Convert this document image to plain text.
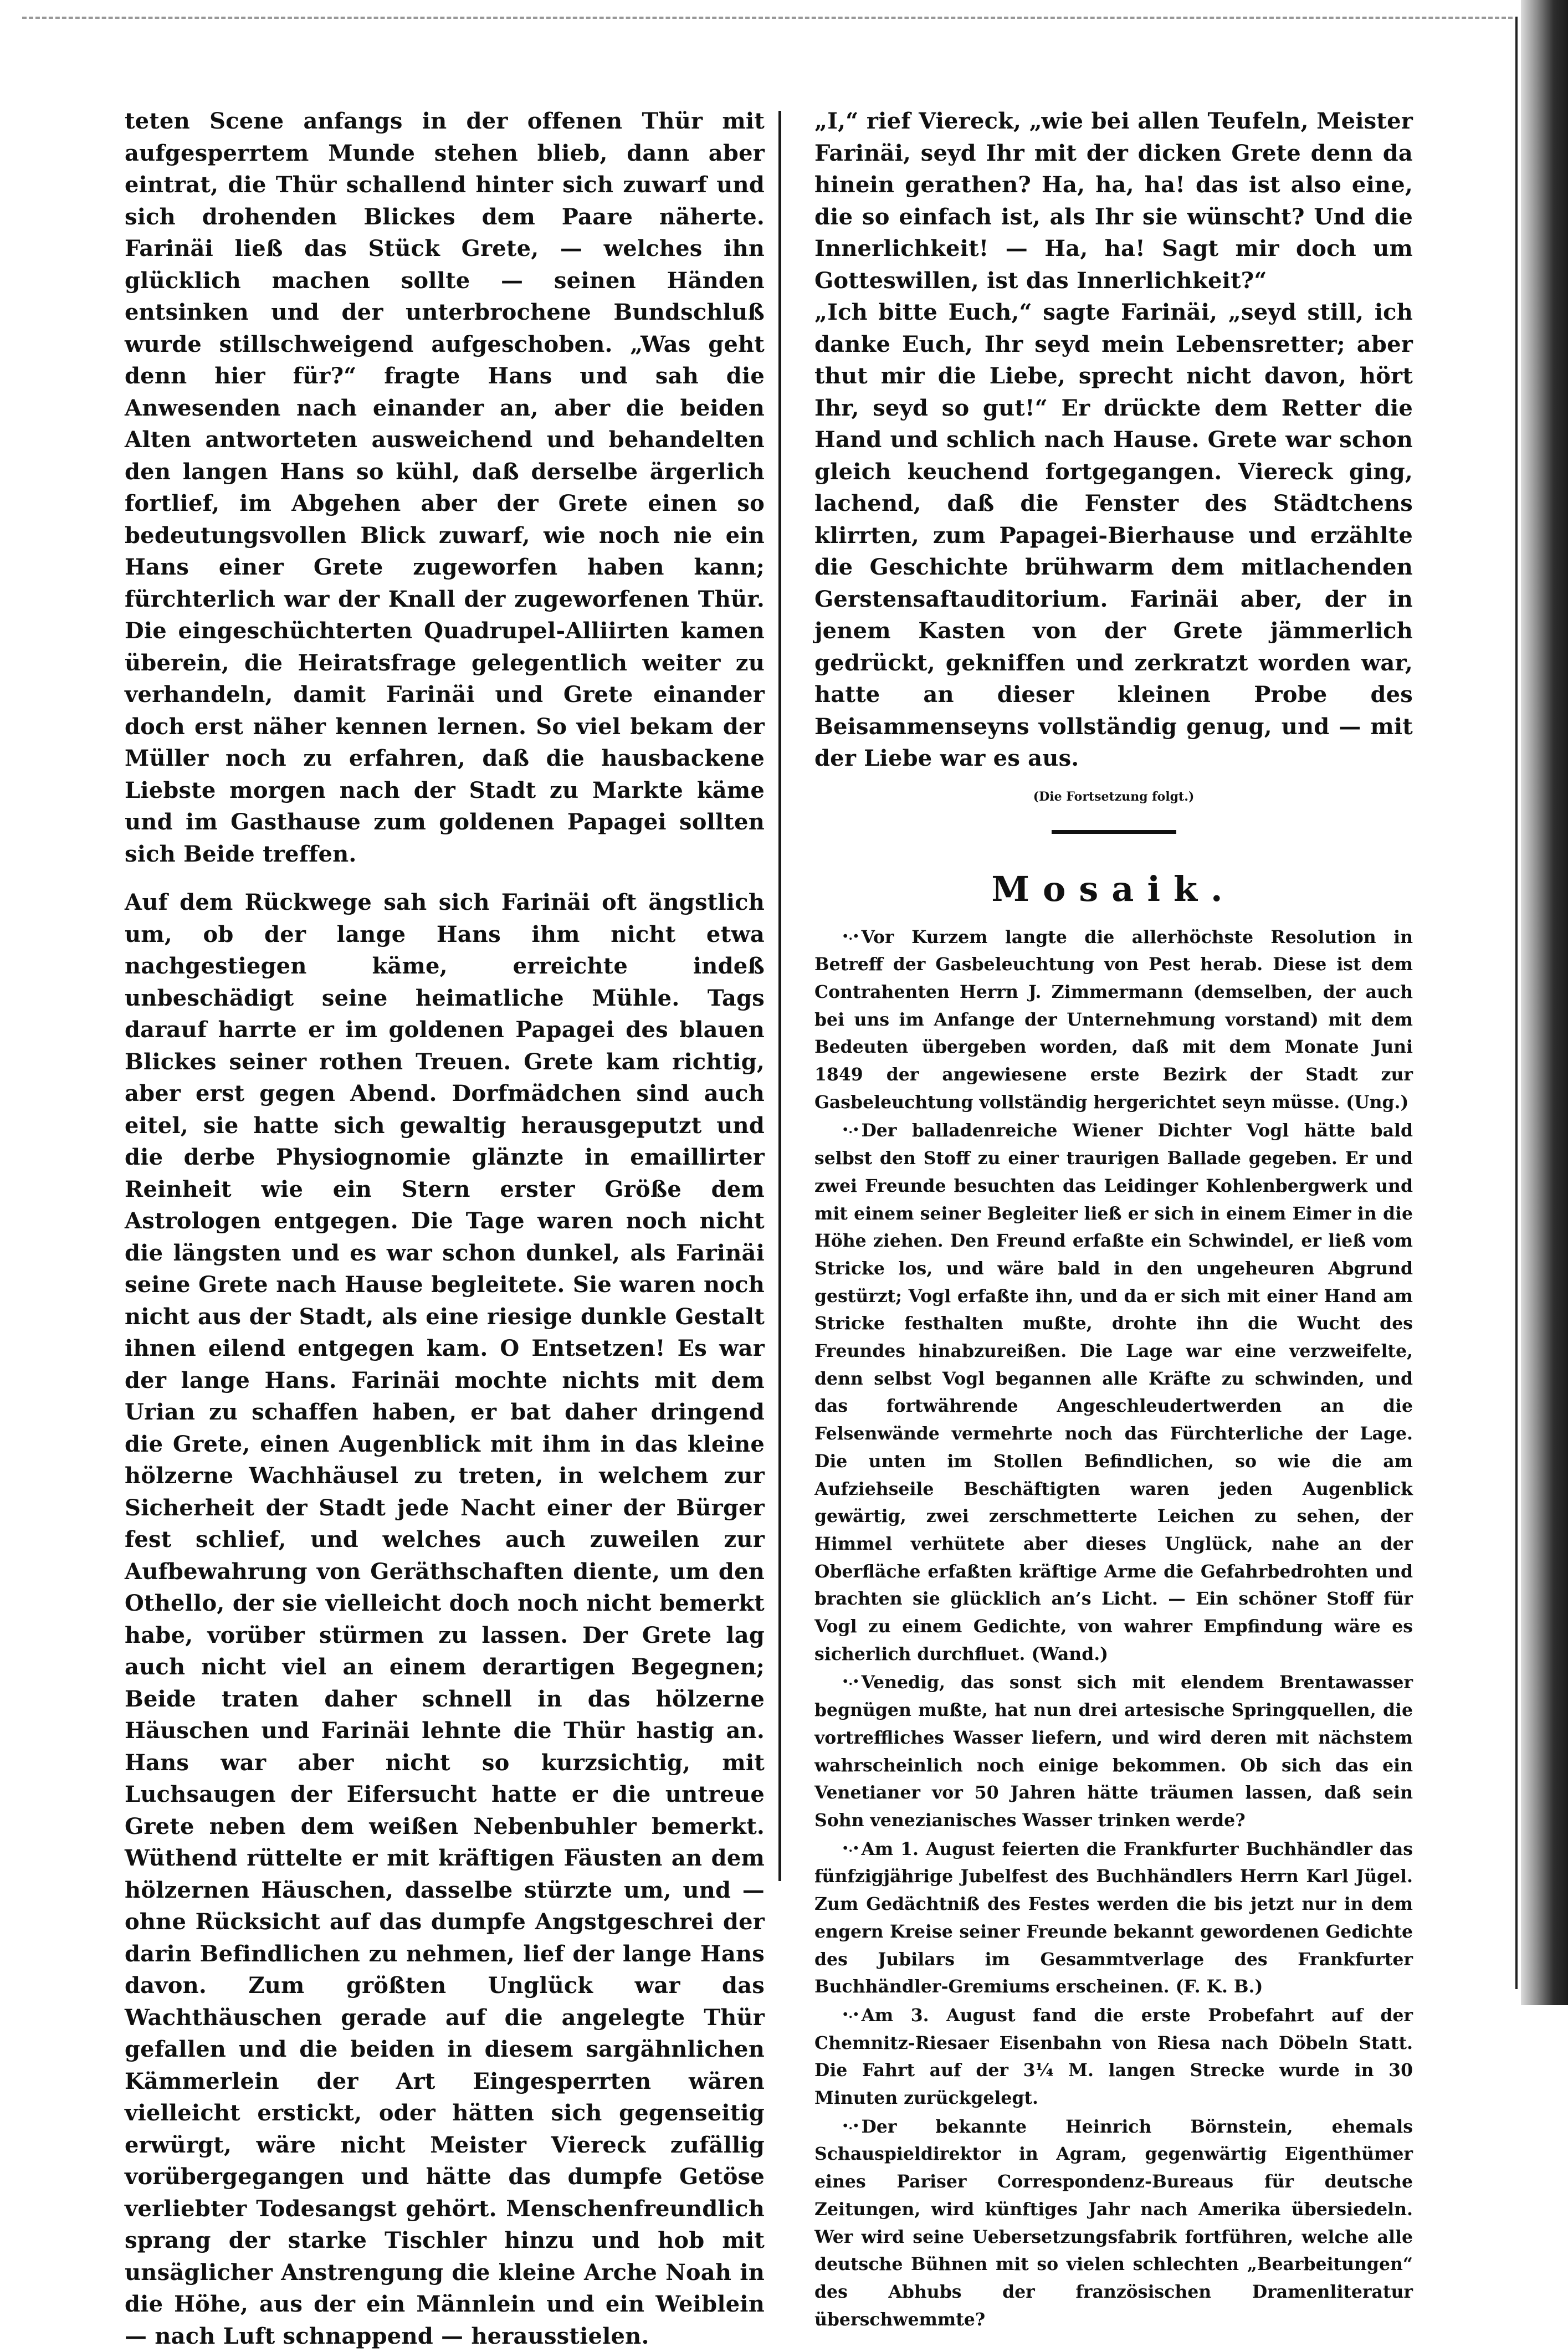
teten Scene anfangs in der offenen Thür mit aufgesperrtem Munde stehen blieb, dann aber eintrat, die Thür schallend hinter sich zuwarf und sich drohenden Blickes dem Paare näherte. Farinäi ließ das Stück Grete, — welches ihn glücklich machen sollte — seinen Händen entsinken und der unterbrochene Bundschluß wurde stillschweigend aufgeschoben. „Was geht denn hier für?“ fragte Hans und sah die Anwesenden nach einander an, aber die beiden Alten antworteten ausweichend und behandelten den langen Hans so kühl, daß derselbe ärgerlich fortlief, im Abgehen aber der Grete einen so bedeutungsvollen Blick zuwarf, wie noch nie ein Hans einer Grete zugeworfen haben kann; fürchterlich war der Knall der zugeworfenen Thür. Die eingeschüchterten Quadrupel-Alliirten kamen überein, die Heiratsfrage gelegentlich weiter zu verhandeln, damit Farinäi und Grete einander doch erst näher kennen lernen. So viel bekam der Müller noch zu erfahren, daß die hausbackene Liebste morgen nach der Stadt zu Markte käme und im Gasthause zum goldenen Papagei sollten sich Beide treffen.

Auf dem Rückwege sah sich Farinäi oft ängstlich um, ob der lange Hans ihm nicht etwa nachgestiegen käme, erreichte indeß unbeschädigt seine heimatliche Mühle. Tags darauf harrte er im goldenen Papagei des blauen Blickes seiner rothen Treuen. Grete kam richtig, aber erst gegen Abend. Dorfmädchen sind auch eitel, sie hatte sich gewaltig herausgeputzt und die derbe Physiognomie glänzte in emaillirter Reinheit wie ein Stern erster Größe dem Astrologen entgegen. Die Tage waren noch nicht die längsten und es war schon dunkel, als Farinäi seine Grete nach Hause begleitete. Sie waren noch nicht aus der Stadt, als eine riesige dunkle Gestalt ihnen eilend entgegen kam. O Entsetzen! Es war der lange Hans. Farinäi mochte nichts mit dem Urian zu schaffen haben, er bat daher dringend die Grete, einen Augenblick mit ihm in das kleine hölzerne Wachhäusel zu treten, in welchem zur Sicherheit der Stadt jede Nacht einer der Bürger fest schlief, und welches auch zuweilen zur Aufbewahrung von Geräthschaften diente, um den Othello, der sie vielleicht doch noch nicht bemerkt habe, vorüber stürmen zu lassen. Der Grete lag auch nicht viel an einem derartigen Begegnen; Beide traten daher schnell in das hölzerne Häuschen und Farinäi lehnte die Thür hastig an. Hans war aber nicht so kurzsichtig, mit Luchsaugen der Eifersucht hatte er die untreue Grete neben dem weißen Nebenbuhler bemerkt. Wüthend rüttelte er mit kräftigen Fäusten an dem hölzernen Häuschen, dasselbe stürzte um, und — ohne Rücksicht auf das dumpfe Angstgeschrei der darin Befindlichen zu nehmen, lief der lange Hans davon. Zum größten Unglück war das Wachthäuschen gerade auf die angelegte Thür gefallen und die beiden in diesem sargähnlichen Kämmerlein der Art Eingesperrten wären vielleicht erstickt, oder hätten sich gegenseitig erwürgt, wäre nicht Meister Viereck zufällig vorübergegangen und hätte das dumpfe Getöse verliebter Todesangst gehört. Menschenfreundlich sprang der starke Tischler hinzu und hob mit unsäglicher Anstrengung die kleine Arche Noah in die Höhe, aus der ein Männlein und ein Weiblein — nach Luft schnappend — herausstielen.

„I,“ rief Viereck, „wie bei allen Teufeln, Meister Farinäi, seyd Ihr mit der dicken Grete denn da hinein gerathen? Ha, ha, ha! das ist also eine, die so einfach ist, als Ihr sie wünscht? Und die Innerlichkeit! — Ha, ha! Sagt mir doch um Gotteswillen, ist das Innerlichkeit?“

„Ich bitte Euch,“ sagte Farinäi, „seyd still, ich danke Euch, Ihr seyd mein Lebensretter; aber thut mir die Liebe, sprecht nicht davon, hört Ihr, seyd so gut!“ Er drückte dem Retter die Hand und schlich nach Hause. Grete war schon gleich keuchend fortgegangen. Viereck ging, lachend, daß die Fenster des Städtchens klirrten, zum Papagei-Bierhause und erzählte die Geschichte brühwarm dem mitlachenden Gerstensaftauditorium. Farinäi aber, der in jenem Kasten von der Grete jämmerlich gedrückt, gekniffen und zerkratzt worden war, hatte an dieser kleinen Probe des Beisammenseyns vollständig genug, und — mit der Liebe war es aus.

(Die Fortsetzung folgt.)

Mosaik.

∙.∙ Vor Kurzem langte die allerhöchste Resolution in Betreff der Gasbeleuchtung von Pest herab. Diese ist dem Contrahenten Herrn J. Zimmermann (demselben, der auch bei uns im Anfange der Unternehmung vorstand) mit dem Bedeuten übergeben worden, daß mit dem Monate Juni 1849 der angewiesene erste Bezirk der Stadt zur Gasbeleuchtung vollständig hergerichtet seyn müsse. (Ung.)

∙.∙ Der balladenreiche Wiener Dichter Vogl hätte bald selbst den Stoff zu einer traurigen Ballade gegeben. Er und zwei Freunde besuchten das Leidinger Kohlenbergwerk und mit einem seiner Begleiter ließ er sich in einem Eimer in die Höhe ziehen. Den Freund erfaßte ein Schwindel, er ließ vom Stricke los, und wäre bald in den ungeheuren Abgrund gestürzt; Vogl erfaßte ihn, und da er sich mit einer Hand am Stricke festhalten mußte, drohte ihn die Wucht des Freundes hinabzureißen. Die Lage war eine verzweifelte, denn selbst Vogl begannen alle Kräfte zu schwinden, und das fortwährende Angeschleudertwerden an die Felsenwände vermehrte noch das Fürchterliche der Lage. Die unten im Stollen Befindlichen, so wie die am Aufziehseile Beschäftigten waren jeden Augenblick gewärtig, zwei zerschmetterte Leichen zu sehen, der Himmel verhütete aber dieses Unglück, nahe an der Oberfläche erfaßten kräftige Arme die Gefahrbedrohten und brachten sie glücklich an’s Licht. — Ein schöner Stoff für Vogl zu einem Gedichte, von wahrer Empfindung wäre es sicherlich durchfluet. (Wand.)

∙.∙ Venedig, das sonst sich mit elendem Brentawasser begnügen mußte, hat nun drei artesische Springquellen, die vortreffliches Wasser liefern, und wird deren mit nächstem wahrscheinlich noch einige bekommen. Ob sich das ein Venetianer vor 50 Jahren hätte träumen lassen, daß sein Sohn venezianisches Wasser trinken werde?

∙.∙ Am 1. August feierten die Frankfurter Buchhändler das fünfzigjährige Jubelfest des Buchhändlers Herrn Karl Jügel. Zum Gedächtniß des Festes werden die bis jetzt nur in dem engern Kreise seiner Freunde bekannt gewordenen Gedichte des Jubilars im Gesammtverlage des Frankfurter Buchhändler-Gremiums erscheinen. (F. K. B.)

∙.∙ Am 3. August fand die erste Probefahrt auf der Chemnitz-Riesaer Eisenbahn von Riesa nach Döbeln Statt. Die Fahrt auf der 3¼ M. langen Strecke wurde in 30 Minuten zurückgelegt.

∙.∙ Der bekannte Heinrich Börnstein, ehemals Schauspieldirektor in Agram, gegenwärtig Eigenthümer eines Pariser Correspondenz-Bureaus für deutsche Zeitungen, wird künftiges Jahr nach Amerika übersiedeln. Wer wird seine Uebersetzungsfabrik fortführen, welche alle deutsche Bühnen mit so vielen schlechten „Bearbeitungen“ des Abhubs der französischen Dramenliteratur überschwemmte?
